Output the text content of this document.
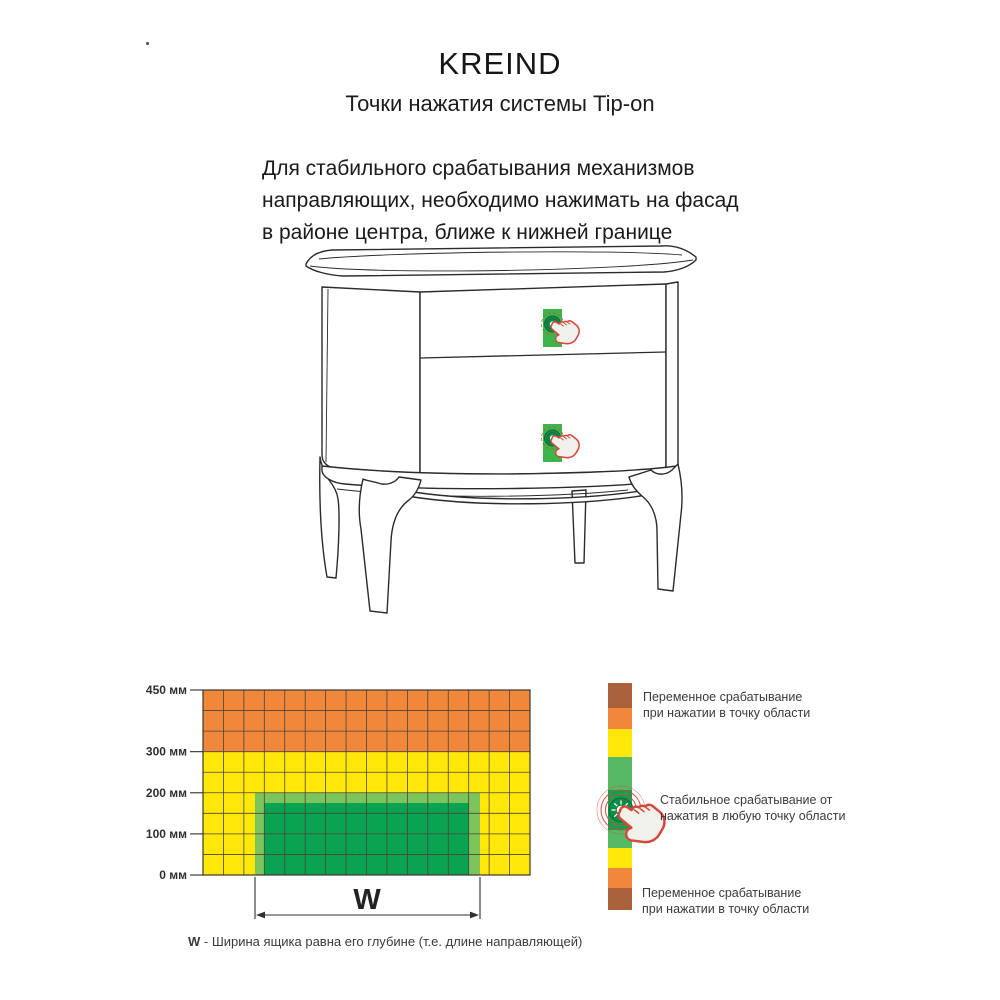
KREIND
Точки нажатия системы Tip-on

Для стабильного срабатывания механизмов
направляющих, необходимо нажимать на фасад
в районе центра, ближе к нижней границе

450 мм
300 мм
200 мм
100 мм
0 мм
W
W - Ширина ящика равна его глубине (т.е. длине направляющей)
Переменное срабатывание
при нажатии в точку области
Стабильное срабатывание от
нажатия в любую точку области
Переменное срабатывание
при нажатии в точку области
